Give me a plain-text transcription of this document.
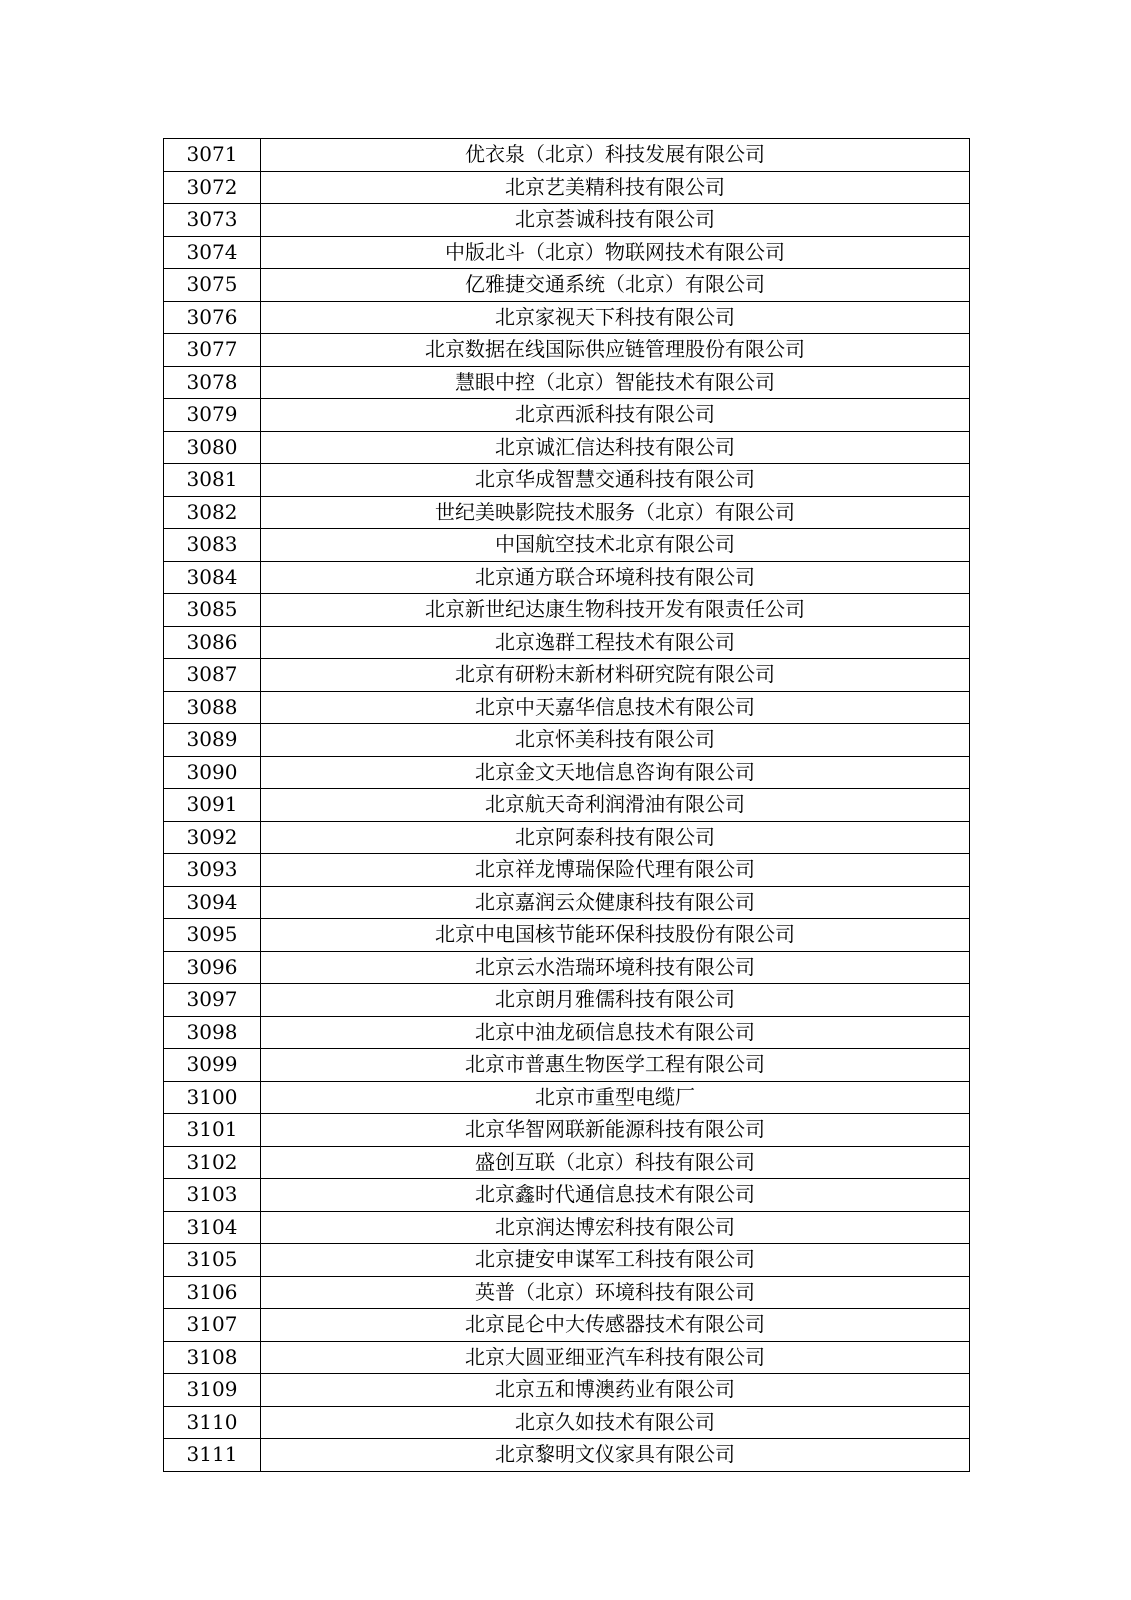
3071	优衣泉（北京）科技发展有限公司
3072	北京艺美精科技有限公司
3073	北京荟诚科技有限公司
3074	中版北斗（北京）物联网技术有限公司
3075	亿雅捷交通系统（北京）有限公司
3076	北京家视天下科技有限公司
3077	北京数据在线国际供应链管理股份有限公司
3078	慧眼中控（北京）智能技术有限公司
3079	北京西派科技有限公司
3080	北京诚汇信达科技有限公司
3081	北京华成智慧交通科技有限公司
3082	世纪美映影院技术服务（北京）有限公司
3083	中国航空技术北京有限公司
3084	北京通方联合环境科技有限公司
3085	北京新世纪达康生物科技开发有限责任公司
3086	北京逸群工程技术有限公司
3087	北京有研粉末新材料研究院有限公司
3088	北京中天嘉华信息技术有限公司
3089	北京怀美科技有限公司
3090	北京金文天地信息咨询有限公司
3091	北京航天奇利润滑油有限公司
3092	北京阿泰科技有限公司
3093	北京祥龙博瑞保险代理有限公司
3094	北京嘉润云众健康科技有限公司
3095	北京中电国核节能环保科技股份有限公司
3096	北京云水浩瑞环境科技有限公司
3097	北京朗月雅儒科技有限公司
3098	北京中油龙硕信息技术有限公司
3099	北京市普惠生物医学工程有限公司
3100	北京市重型电缆厂
3101	北京华智网联新能源科技有限公司
3102	盛创互联（北京）科技有限公司
3103	北京鑫时代通信息技术有限公司
3104	北京润达博宏科技有限公司
3105	北京捷安申谋军工科技有限公司
3106	英普（北京）环境科技有限公司
3107	北京昆仑中大传感器技术有限公司
3108	北京大圆亚细亚汽车科技有限公司
3109	北京五和博澳药业有限公司
3110	北京久如技术有限公司
3111	北京黎明文仪家具有限公司
